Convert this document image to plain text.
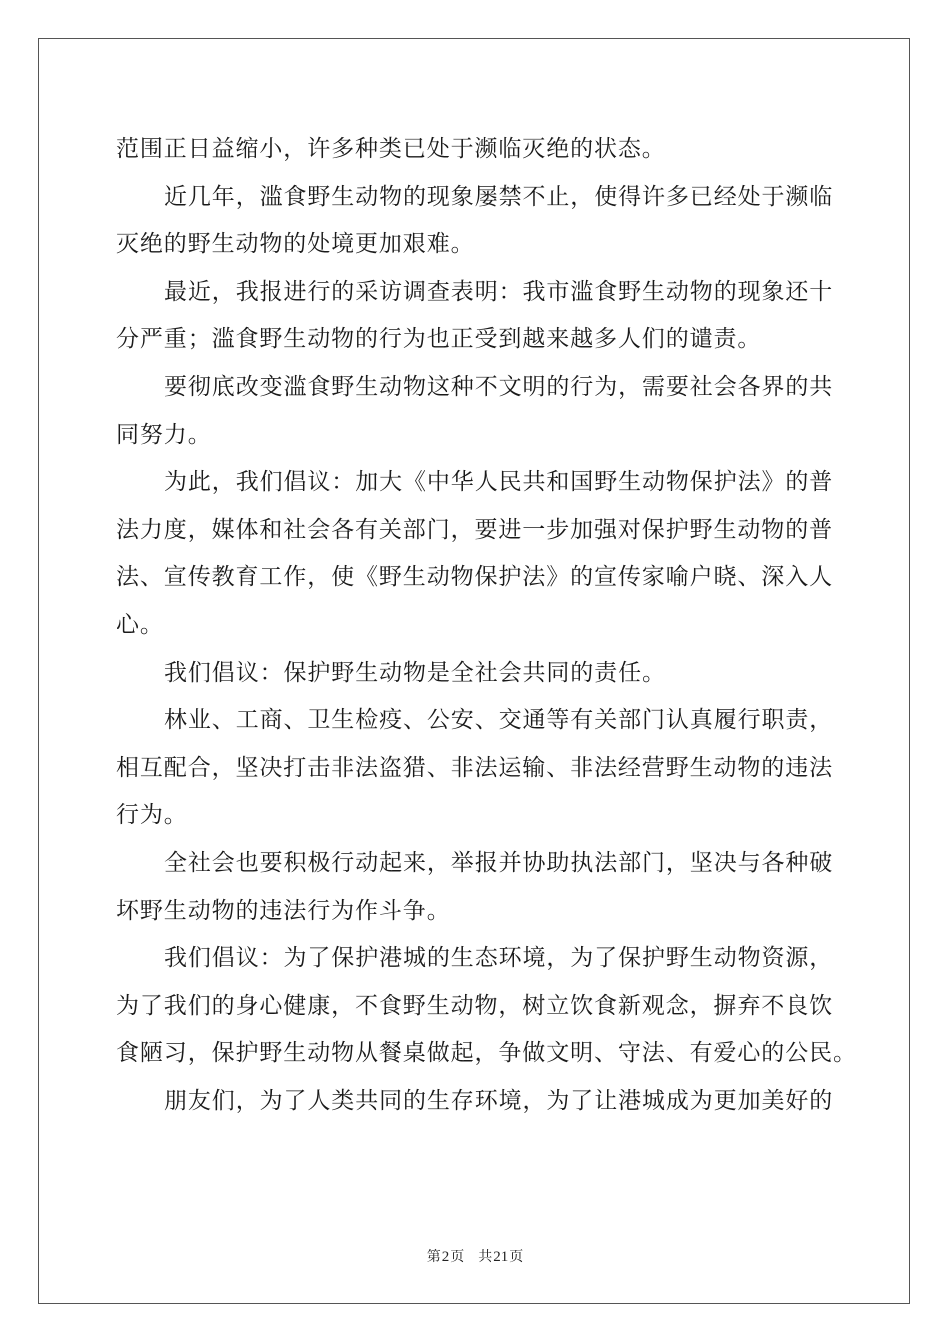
范围正日益缩小，许多种类已处于濒临灭绝的状态。
近几年，滥食野生动物的现象屡禁不止，使得许多已经处于濒临
灭绝的野生动物的处境更加艰难。
最近，我报进行的采访调查表明：我市滥食野生动物的现象还十
分严重；滥食野生动物的行为也正受到越来越多人们的谴责。
要彻底改变滥食野生动物这种不文明的行为，需要社会各界的共
同努力。
为此，我们倡议：加大《中华人民共和国野生动物保护法》的普
法力度，媒体和社会各有关部门，要进一步加强对保护野生动物的普
法、宣传教育工作，使《野生动物保护法》的宣传家喻户晓、深入人
心。
我们倡议：保护野生动物是全社会共同的责任。
林业、工商、卫生检疫、公安、交通等有关部门认真履行职责，
相互配合，坚决打击非法盗猎、非法运输、非法经营野生动物的违法
行为。
全社会也要积极行动起来，举报并协助执法部门，坚决与各种破
坏野生动物的违法行为作斗争。
我们倡议：为了保护港城的生态环境，为了保护野生动物资源，
为了我们的身心健康，不食野生动物，树立饮食新观念，摒弃不良饮
食陋习，保护野生动物从餐桌做起，争做文明、守法、有爱心的公民。
朋友们，为了人类共同的生存环境，为了让港城成为更加美好的
第2页 共21页
